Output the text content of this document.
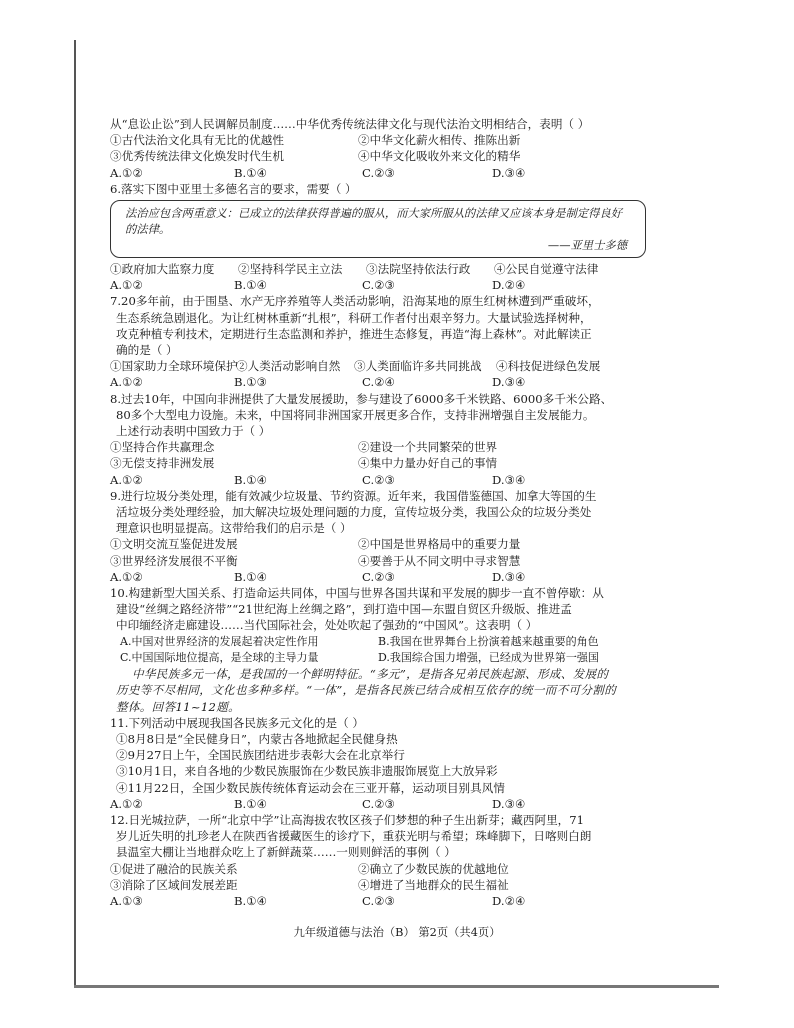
从“息讼止讼”到人民调解员制度……中华优秀传统法律文化与现代法治文明相结合，表明（ ）
①古代法治文化具有无比的优越性	②中华文化薪火相传、推陈出新
③优秀传统法律文化焕发时代生机	④中华文化吸收外来文化的精华
A.①②	B.①④	C.②③	D.③④
6.落实下图中亚里士多德名言的要求，需要（ ）
法治应包含两重意义：已成立的法律获得普遍的服从，而大家所服从的法律又应该本身是制定得良好的法律。
——亚里士多德
①政府加大监察力度	②坚持科学民主立法	③法院坚持依法行政	④公民自觉遵守法律
A.①②	B.①④	C.②③	D.②④
7.20多年前，由于围垦、水产无序养殖等人类活动影响，沿海某地的原生红树林遭到严重破坏，
生态系统急剧退化。为让红树林重新“扎根”，科研工作者付出艰辛努力。大量试验选择树种，
攻克种植专利技术，定期进行生态监测和养护，推进生态修复，再造“海上森林”。对此解读正
确的是（ ）
①国家助力全球环境保护
②人类活动影响自然	③人类面临许多共同挑战	④科技促进绿色发展
A.①②	B.①③	C.②④	D.③④
8.过去10年，中国向非洲提供了大量发展援助，参与建设了6000多千米铁路、6000多千米公路、
80多个大型电力设施。未来，中国将同非洲国家开展更多合作，支持非洲增强自主发展能力。
上述行动表明中国致力于（ ）
①坚持合作共赢理念	②建设一个共同繁荣的世界
③无偿支持非洲发展	④集中力量办好自己的事情
A.①②	B.①④	C.②③	D.③④
9.进行垃圾分类处理，能有效减少垃圾量、节约资源。近年来，我国借鉴德国、加拿大等国的生
活垃圾分类处理经验，加大解决垃圾处理问题的力度，宣传垃圾分类，我国公众的垃圾分类处
理意识也明显提高。这带给我们的启示是（ ）
①文明交流互鉴促进发展	②中国是世界格局中的重要力量
③世界经济发展很不平衡	④要善于从不同文明中寻求智慧
A.①②	B.①④	C.②③	D.③④
10.构建新型大国关系、打造命运共同体，中国与世界各国共谋和平发展的脚步一直不曾停歇：从
建设“丝绸之路经济带”“21世纪海上丝绸之路”，到打造中国—东盟自贸区升级版、推进孟
中印缅经济走廊建设……当代国际社会，处处吹起了强劲的“中国风”。这表明（ ）
A.中国对世界经济的发展起着决定性作用	B.我国在世界舞台上扮演着越来越重要的角色
C.中国国际地位提高，是全球的主导力量	D.我国综合国力增强，已经成为世界第一强国
中华民族多元一体，是我国的一个鲜明特征。“多元”，是指各兄弟民族起源、形成、发展的
历史等不尽相同，文化也多种多样。“一体”，是指各民族已结合成相互依存的统一而不可分割的
整体。回答11~12题。
11.下列活动中展现我国各民族多元文化的是（ ）
①8月8日是“全民健身日”，内蒙古各地掀起全民健身热
②9月27日上午，全国民族团结进步表彰大会在北京举行
③10月1日，来自各地的少数民族服饰在少数民族非遗服饰展览上大放异彩
④11月22日，全国少数民族传统体育运动会在三亚开幕，运动项目别具风情
A.①②	B.①④	C.②③	D.③④
12.日光城拉萨，一所“北京中学”让高海拔农牧区孩子们梦想的种子生出新芽；藏西阿里，71
岁儿近失明的扎珍老人在陕西省援藏医生的诊疗下，重获光明与希望；珠峰脚下，日喀则白朗
县温室大棚让当地群众吃上了新鲜蔬菜……一则则鲜活的事例（ ）
①促进了融洽的民族关系	②确立了少数民族的优越地位
③消除了区域间发展差距	④增进了当地群众的民生福祉
A.①③	B.①④	C.②③	D.②④
九年级道德与法治（B） 第2页（共4页）
